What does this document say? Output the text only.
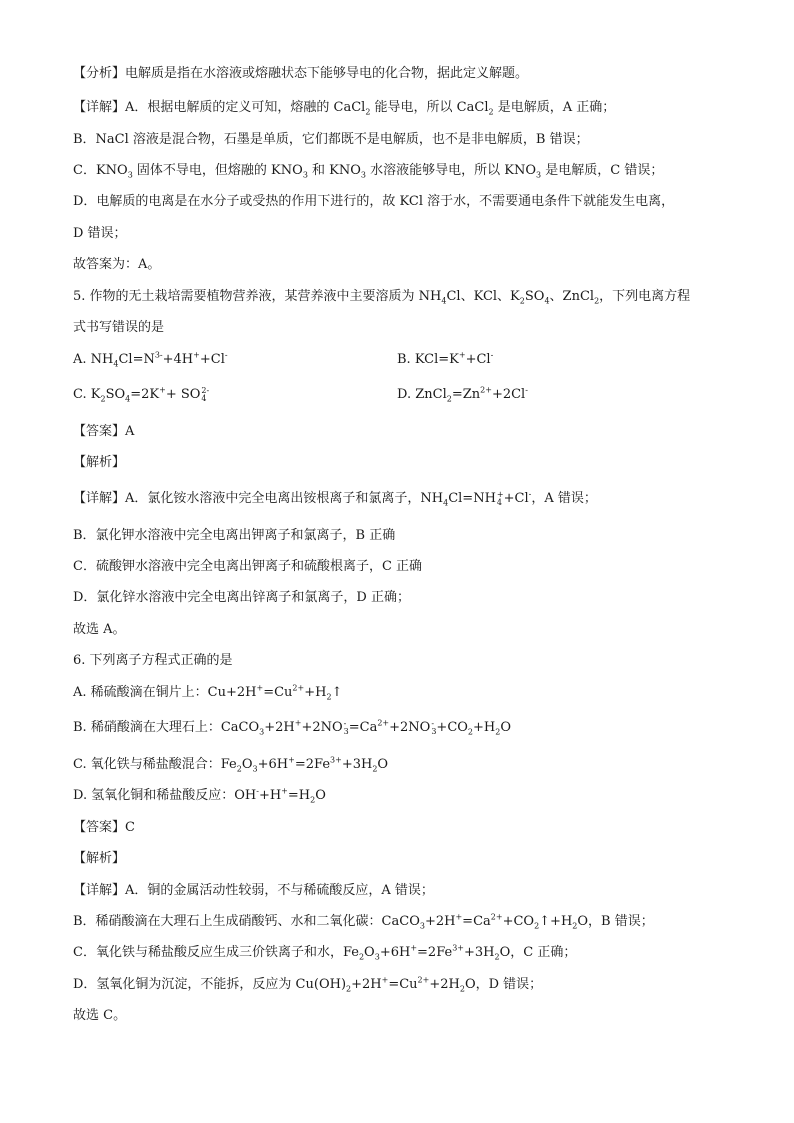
【分析】电解质是指在水溶液或熔融状态下能够导电的化合物，据此定义解题。
【详解】A．根据电解质的定义可知，熔融的 CaCl$_2$ 能导电，所以 CaCl$_2$ 是电解质，A 正确；
B．NaCl 溶液是混合物，石墨是单质，它们都既不是电解质，也不是非电解质，B 错误；
C．$KNO_3$ 固体不导电，但熔融的 $KNO_3$ 和 $KNO_3$ 水溶液能够导电，所以 $KNO_3$ 是电解质，C 错误；
D．电解质的电离是在水分子或受热的作用下进行的，故 KCl 溶于水，不需要通电条件下就能发生电离，
D 错误；
故答案为：A。
5. 作物的无土栽培需要植物营养液，某营养液中主要溶质为 $NH_4Cl$、KCl、$K_2SO_4$、ZnCl$_2$，下列电离方程
式书写错误的是
A. $NH_4Cl=N^{3-}+4H^++Cl^-$	B. KCl=K++Cl-
C. $K_2SO_4=2K^++$ SO 2-
4	D. $ZnCl_2=Zn^{2+}+2Cl^-$
【答案】A
【解析】
【详解】A．氯化铵水溶液中完全电离出铵根离子和氯离子，$NH_4Cl=NH$ +
4 +Cl-，A 错误；
B．氯化钾水溶液中完全电离出钾离子和氯离子，B 正确
C．硫酸钾水溶液中完全电离出钾离子和硫酸根离子，C 正确
D．氯化锌水溶液中完全电离出锌离子和氯离子，D 正确；
故选 A。
6. 下列离子方程式正确的是
A. 稀硫酸滴在铜片上：$Cu+2H^+=Cu^{2+}+H_2↑$
B. 稀硝酸滴在大理石上：CaCO$_3$+2H++2NO -
$3 =Ca^{2+}+2NO$ -
$3 +CO_2+H_2O$
C. 氧化铁与稀盐酸混合：$Fe_2O_3+6H^+=2Fe^{3+}+3H_2O$
D. 氢氧化铜和稀盐酸反应：$OH^-+H^+=H_2O$
【答案】C
【解析】
【详解】A．铜的金属活动性较弱，不与稀硫酸反应，A 错误；
B．稀硝酸滴在大理石上生成硝酸钙、水和二氧化碳：$CaCO_3+2H^+=Ca^{2+}+CO_2↑+H_2O$，B 错误；
C．氧化铁与稀盐酸反应生成三价铁离子和水，$Fe_2O_3+6H^+=2Fe^{3+}+3H_2O$，C 正确；
D．氢氧化铜为沉淀，不能拆，反应为 $Cu(OH)_2+2H^+=Cu^{2+}+2H_2O$，D 错误；
故选 C。
